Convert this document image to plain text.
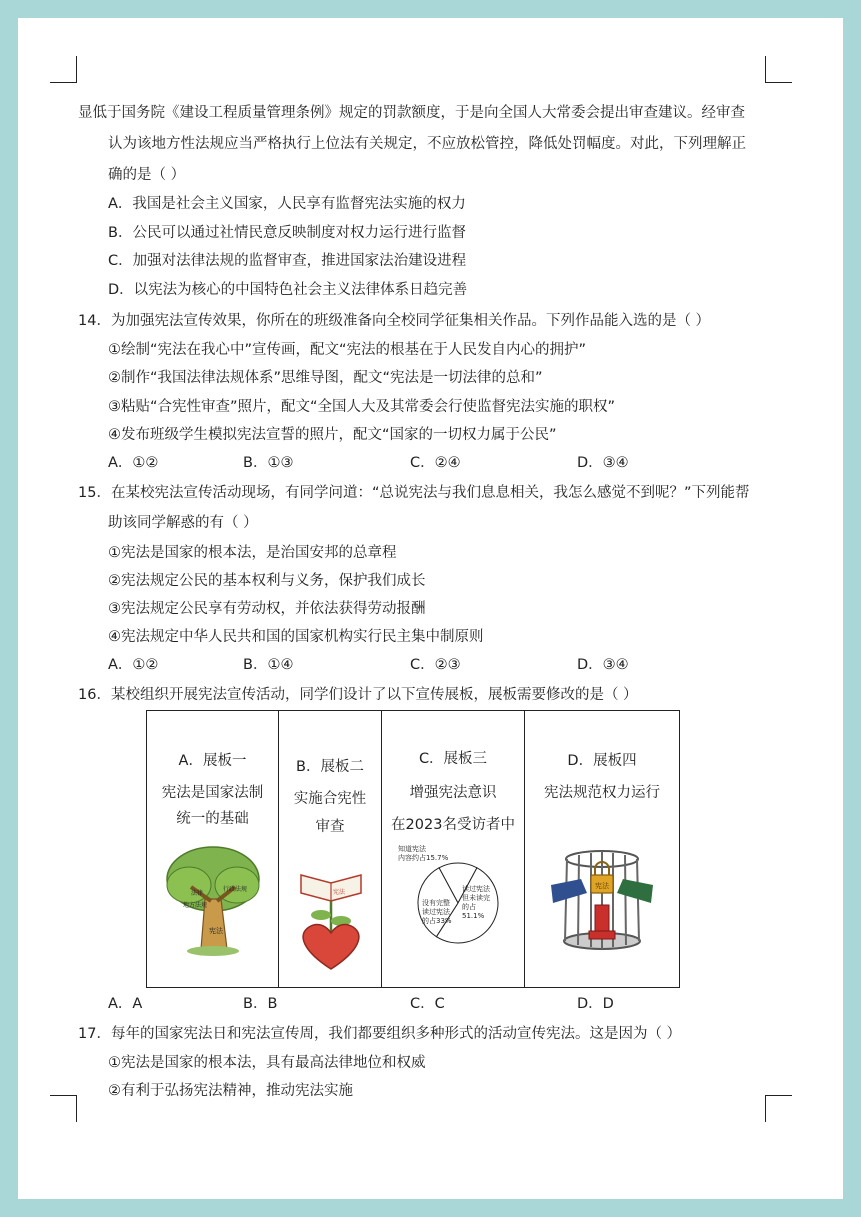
显低于国务院《建设工程质量管理条例》规定的罚款额度，于是向全国人大常委会提出审查建议。经审查
认为该地方性法规应当严格执行上位法有关规定，不应放松管控，降低处罚幅度。对此，下列理解正
确的是（ ）
A．我国是社会主义国家，人民享有监督宪法实施的权力
B．公民可以通过社情民意反映制度对权力运行进行监督
C．加强对法律法规的监督审查，推进国家法治建设进程
D．以宪法为核心的中国特色社会主义法律体系日趋完善
14．为加强宪法宣传效果，你所在的班级准备向全校同学征集相关作品。下列作品能入选的是（ ）
①绘制“宪法在我心中”宣传画，配文“宪法的根基在于人民发自内心的拥护”
②制作“我国法律法规体系”思维导图，配文“宪法是一切法律的总和”
③粘贴“合宪性审查”照片，配文“全国人大及其常委会行使监督宪法实施的职权”
④发布班级学生模拟宪法宣誓的照片，配文“国家的一切权力属于公民”
A．①②	B．①③	C．②④	D．③④
15．在某校宪法宣传活动现场，有同学问道：“总说宪法与我们息息相关，我怎么感觉不到呢？”下列能帮
助该同学解惑的有（ ）
①宪法是国家的根本法，是治国安邦的总章程
②宪法规定公民的基本权利与义务，保护我们成长
③宪法规定公民享有劳动权，并依法获得劳动报酬
④宪法规定中华人民共和国的国家机构实行民主集中制原则
A．①②	B．①④	C．②③	D．③④
16．某校组织开展宪法宣传活动，同学们设计了以下宣传展板，展板需要修改的是（ ）
A．展板一
宪法是国家法制
统一的基础
法律
行政法规
地方法规
宪法
B．展板二
实施合宪性
审查
宪法
C．展板三
增强宪法意识
在2023名受访者中
知道宪法
内容约占15.7%
读过宪法
但未读完
的占
51.1%
没有完整
读过宪法
的占33%
D．展板四
宪法规范权力运行
宪法
A．A	B．B	C．C	D．D
17．每年的国家宪法日和宪法宣传周，我们都要组织多种形式的活动宣传宪法。这是因为（ ）
①宪法是国家的根本法，具有最高法律地位和权威
②有利于弘扬宪法精神，推动宪法实施
